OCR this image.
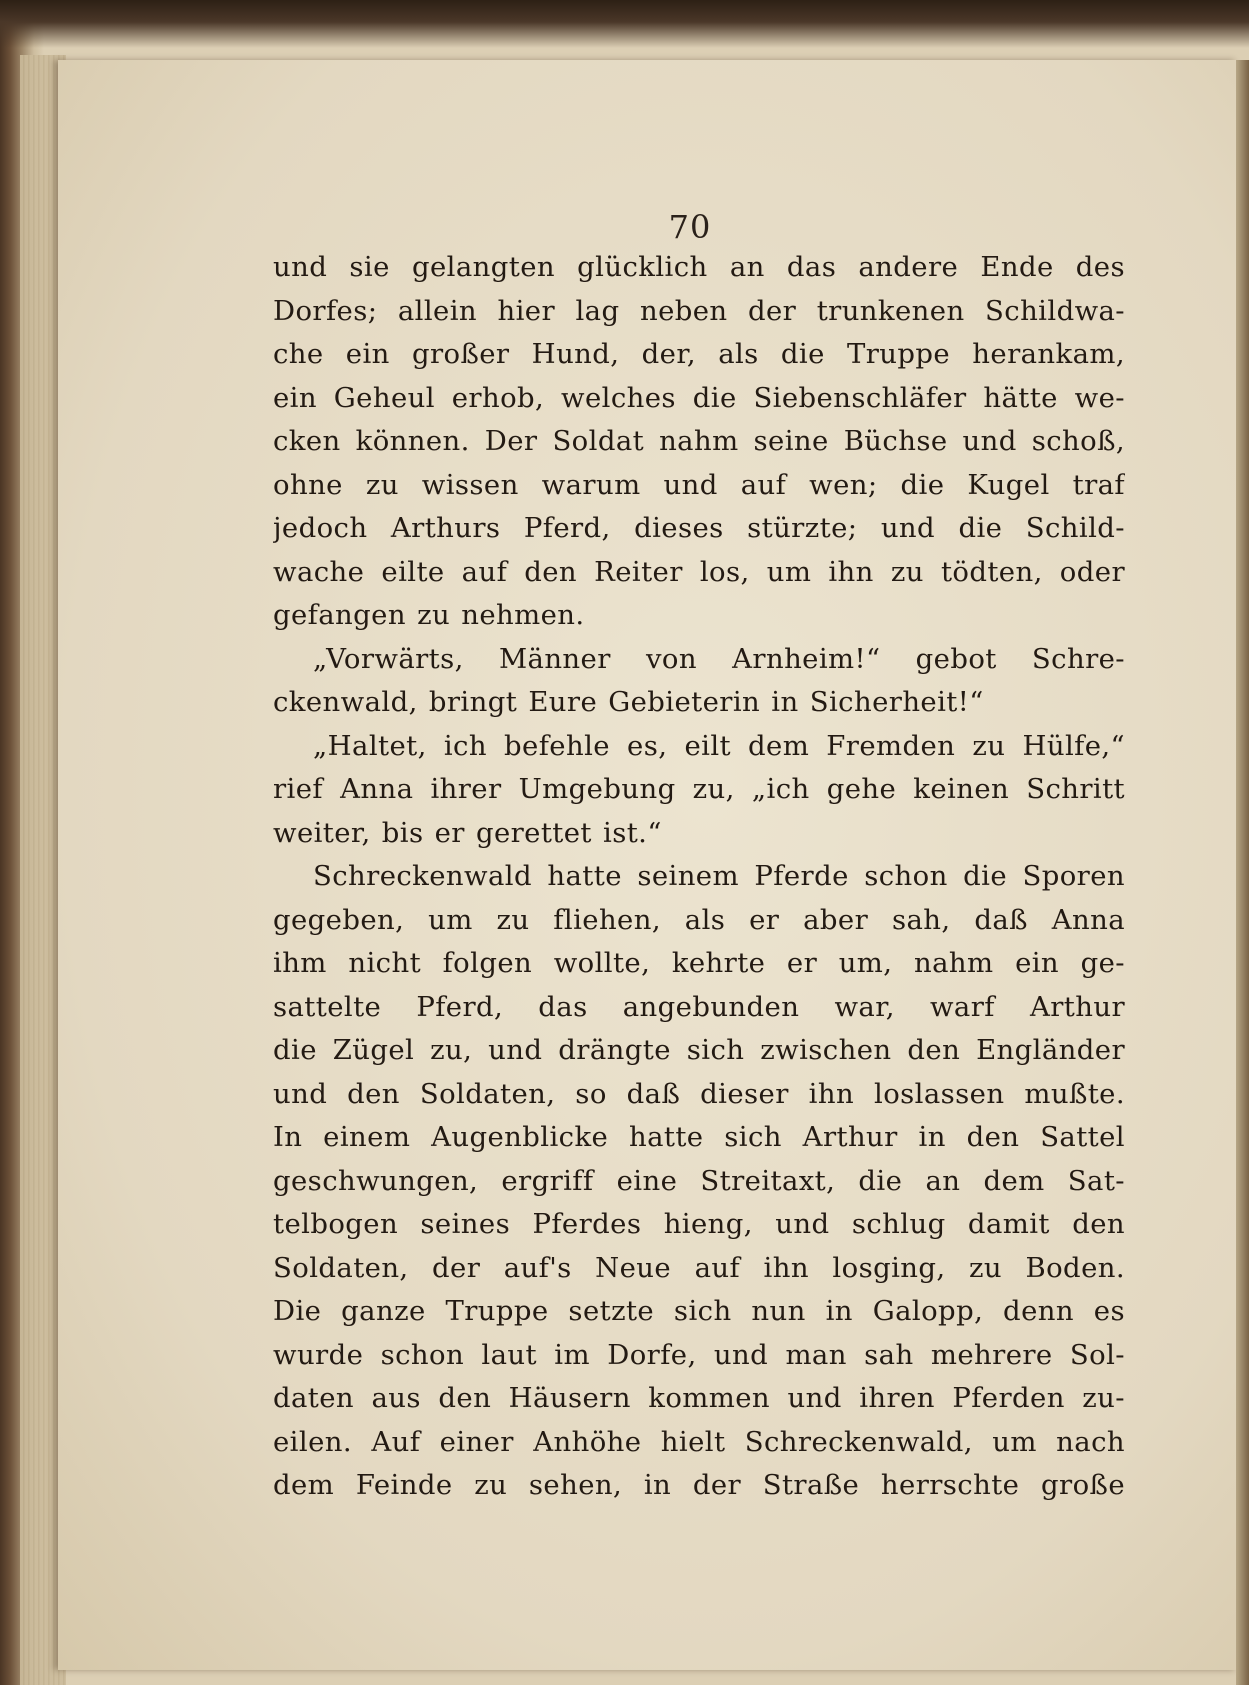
70
und sie gelangten glücklich an das andere Ende des
Dorfes; allein hier lag neben der trunkenen Schildwa-
che ein großer Hund, der, als die Truppe herankam,
ein Geheul erhob, welches die Siebenschläfer hätte we-
cken können. Der Soldat nahm seine Büchse und schoß,
ohne zu wissen warum und auf wen; die Kugel traf
jedoch Arthurs Pferd, dieses stürzte; und die Schild-
wache eilte auf den Reiter los, um ihn zu tödten, oder
gefangen zu nehmen.
„Vorwärts, Männer von Arnheim!“ gebot Schre-
ckenwald, bringt Eure Gebieterin in Sicherheit!“
„Haltet, ich befehle es, eilt dem Fremden zu Hülfe,“
rief Anna ihrer Umgebung zu, „ich gehe keinen Schritt
weiter, bis er gerettet ist.“
Schreckenwald hatte seinem Pferde schon die Sporen
gegeben, um zu fliehen, als er aber sah, daß Anna
ihm nicht folgen wollte, kehrte er um, nahm ein ge-
sattelte Pferd, das angebunden war, warf Arthur
die Zügel zu, und drängte sich zwischen den Engländer
und den Soldaten, so daß dieser ihn loslassen mußte.
In einem Augenblicke hatte sich Arthur in den Sattel
geschwungen, ergriff eine Streitaxt, die an dem Sat-
telbogen seines Pferdes hieng, und schlug damit den
Soldaten, der auf's Neue auf ihn losging, zu Boden.
Die ganze Truppe setzte sich nun in Galopp, denn es
wurde schon laut im Dorfe, und man sah mehrere Sol-
daten aus den Häusern kommen und ihren Pferden zu-
eilen. Auf einer Anhöhe hielt Schreckenwald, um nach
dem Feinde zu sehen, in der Straße herrschte große
